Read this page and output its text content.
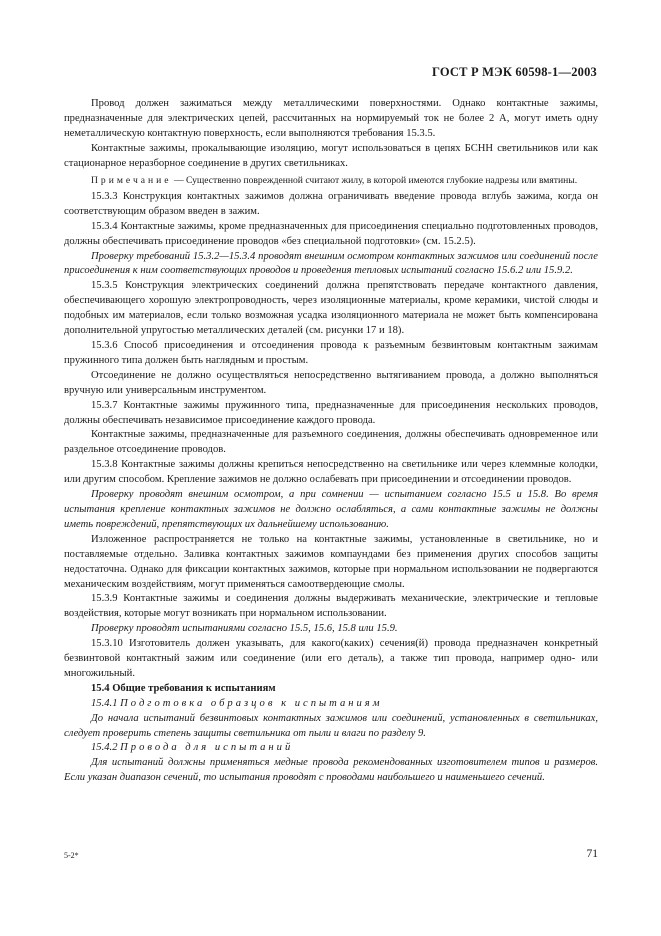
ГОСТ Р МЭК 60598-1—2003

Провод должен зажиматься между металлическими поверхностями. Однако контактные зажимы, предназначенные для электрических цепей, рассчитанных на нормируемый ток не более 2 А, могут иметь одну неметаллическую контактную поверхность, если выполняются требования 15.3.5.

Контактные зажимы, прокалывающие изоляцию, могут использоваться в цепях БСНН светильников или как стационарное неразборное соединение в других светильниках.

Примечание — Существенно поврежденной считают жилу, в которой имеются глубокие надрезы или вмятины.

15.3.3 Конструкция контактных зажимов должна ограничивать введение провода вглубь зажима, когда он соответствующим образом введен в зажим.

15.3.4 Контактные зажимы, кроме предназначенных для присоединения специально подготовленных проводов, должны обеспечивать присоединение проводов «без специальной подготовки» (см. 15.2.5).

Проверку требований 15.3.2—15.3.4 проводят внешним осмотром контактных зажимов или соединений после присоединения к ним соответствующих проводов и проведения тепловых испытаний согласно 15.6.2 или 15.9.2.

15.3.5 Конструкция электрических соединений должна препятствовать передаче контактного давления, обеспечивающего хорошую электропроводность, через изоляционные материалы, кроме керамики, чистой слюды и подобных им материалов, если только возможная усадка изоляционного материала не может быть компенсирована дополнительной упругостью металлических деталей (см. рисунки 17 и 18).

15.3.6 Способ присоединения и отсоединения провода к разъемным безвинтовым контактным зажимам пружинного типа должен быть наглядным и простым.

Отсоединение не должно осуществляться непосредственно вытягиванием провода, а должно выполняться вручную или универсальным инструментом.

15.3.7 Контактные зажимы пружинного типа, предназначенные для присоединения нескольких проводов, должны обеспечивать независимое присоединение каждого провода.

Контактные зажимы, предназначенные для разъемного соединения, должны обеспечивать одновременное или раздельное отсоединение проводов.

15.3.8 Контактные зажимы должны крепиться непосредственно на светильнике или через клеммные колодки, или другим способом. Крепление зажимов не должно ослабевать при присоединении и отсоединении проводов.

Проверку проводят внешним осмотром, а при сомнении — испытанием согласно 15.5 и 15.8. Во время испытания крепление контактных зажимов не должно ослабляться, а сами контактные зажимы не должны иметь повреждений, препятствующих их дальнейшему использованию.

Изложенное распространяется не только на контактные зажимы, установленные в светильнике, но и поставляемые отдельно. Заливка контактных зажимов компаундами без применения других способов защиты недостаточна. Однако для фиксации контактных зажимов, которые при нормальном использовании не подвергаются механическим воздействиям, могут применяться самоотвердеющие смолы.

15.3.9 Контактные зажимы и соединения должны выдерживать механические, электрические и тепловые воздействия, которые могут возникать при нормальном использовании.

Проверку проводят испытаниями согласно 15.5, 15.6, 15.8 или 15.9.

15.3.10 Изготовитель должен указывать, для какого(каких) сечения(й) провода предназначен конкретный безвинтовой контактный зажим или соединение (или его деталь), а также тип провода, например одно- или многожильный.

15.4 Общие требования к испытаниям

15.4.1 Подготовка образцов к испытаниям

До начала испытаний безвинтовых контактных зажимов или соединений, установленных в светильниках, следует проверить степень защиты светильника от пыли и влаги по разделу 9.

15.4.2 Провода для испытаний

Для испытаний должны применяться медные провода рекомендованных изготовителем типов и размеров. Если указан диапазон сечений, то испытания проводят с проводами наибольшего и наименьшего сечений.

5-2*	71
